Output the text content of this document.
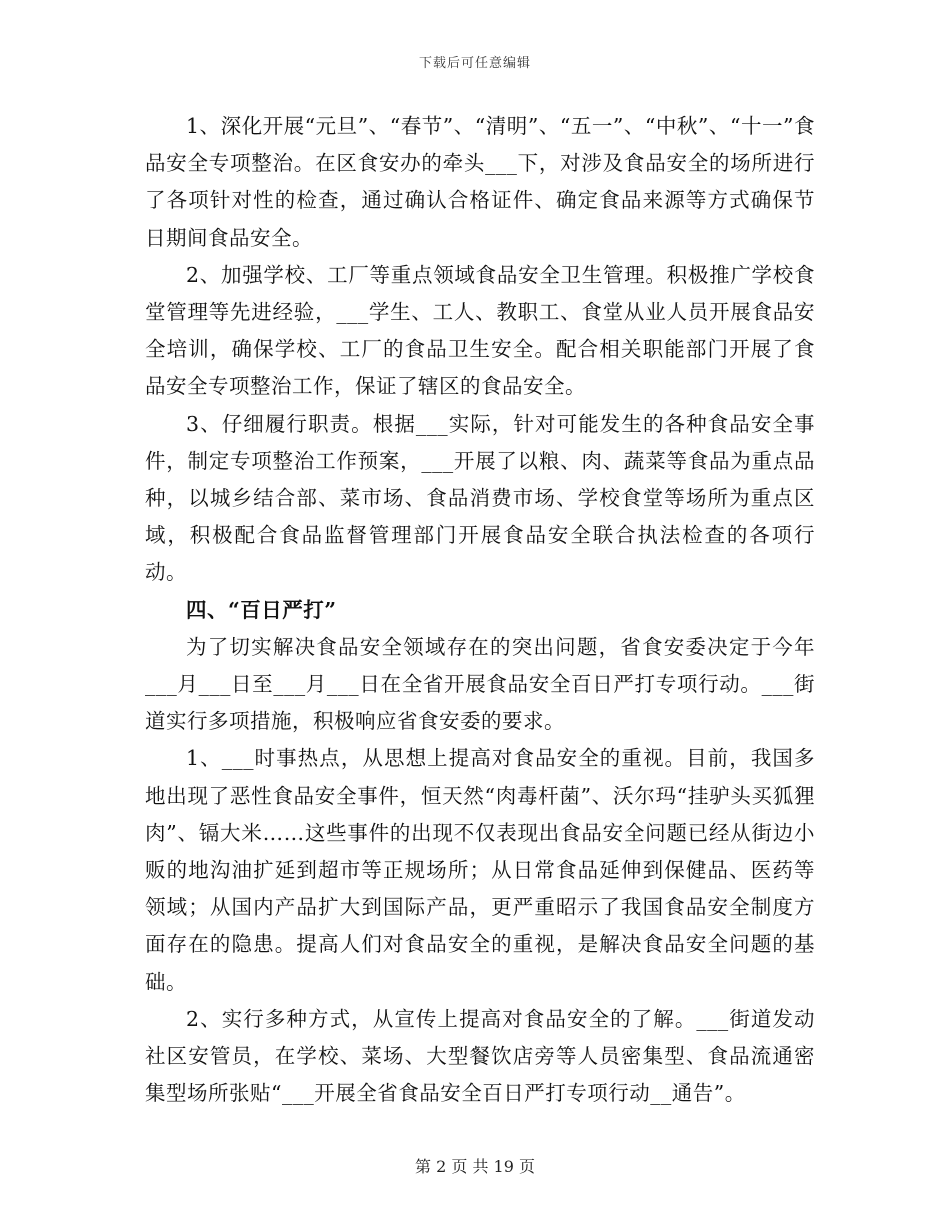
下载后可任意编辑

1、深化开展“元旦”、“春节”、“清明”、“五一”、“中秋”、“十一”食品安全专项整治。在区食安办的牵头___下，对涉及食品安全的场所进行了各项针对性的检查，通过确认合格证件、确定食品来源等方式确保节日期间食品安全。

2、加强学校、工厂等重点领域食品安全卫生管理。积极推广学校食堂管理等先进经验，___学生、工人、教职工、食堂从业人员开展食品安全培训，确保学校、工厂的食品卫生安全。配合相关职能部门开展了食品安全专项整治工作，保证了辖区的食品安全。

3、仔细履行职责。根据___实际，针对可能发生的各种食品安全事件，制定专项整治工作预案，___开展了以粮、肉、蔬菜等食品为重点品种，以城乡结合部、菜市场、食品消费市场、学校食堂等场所为重点区域，积极配合食品监督管理部门开展食品安全联合执法检查的各项行动。

四、“百日严打”

为了切实解决食品安全领域存在的突出问题，省食安委决定于今年___月___日至___月___日在全省开展食品安全百日严打专项行动。___街道实行多项措施，积极响应省食安委的要求。

1、___时事热点，从思想上提高对食品安全的重视。目前，我国多地出现了恶性食品安全事件，恒天然“肉毒杆菌”、沃尔玛“挂驴头买狐狸肉”、镉大米……这些事件的出现不仅表现出食品安全问题已经从街边小贩的地沟油扩延到超市等正规场所；从日常食品延伸到保健品、医药等领域；从国内产品扩大到国际产品，更严重昭示了我国食品安全制度方面存在的隐患。提高人们对食品安全的重视，是解决食品安全问题的基础。

2、实行多种方式，从宣传上提高对食品安全的了解。___街道发动社区安管员，在学校、菜场、大型餐饮店旁等人员密集型、食品流通密集型场所张贴“___开展全省食品安全百日严打专项行动__通告”。

第 2 页 共 19 页
